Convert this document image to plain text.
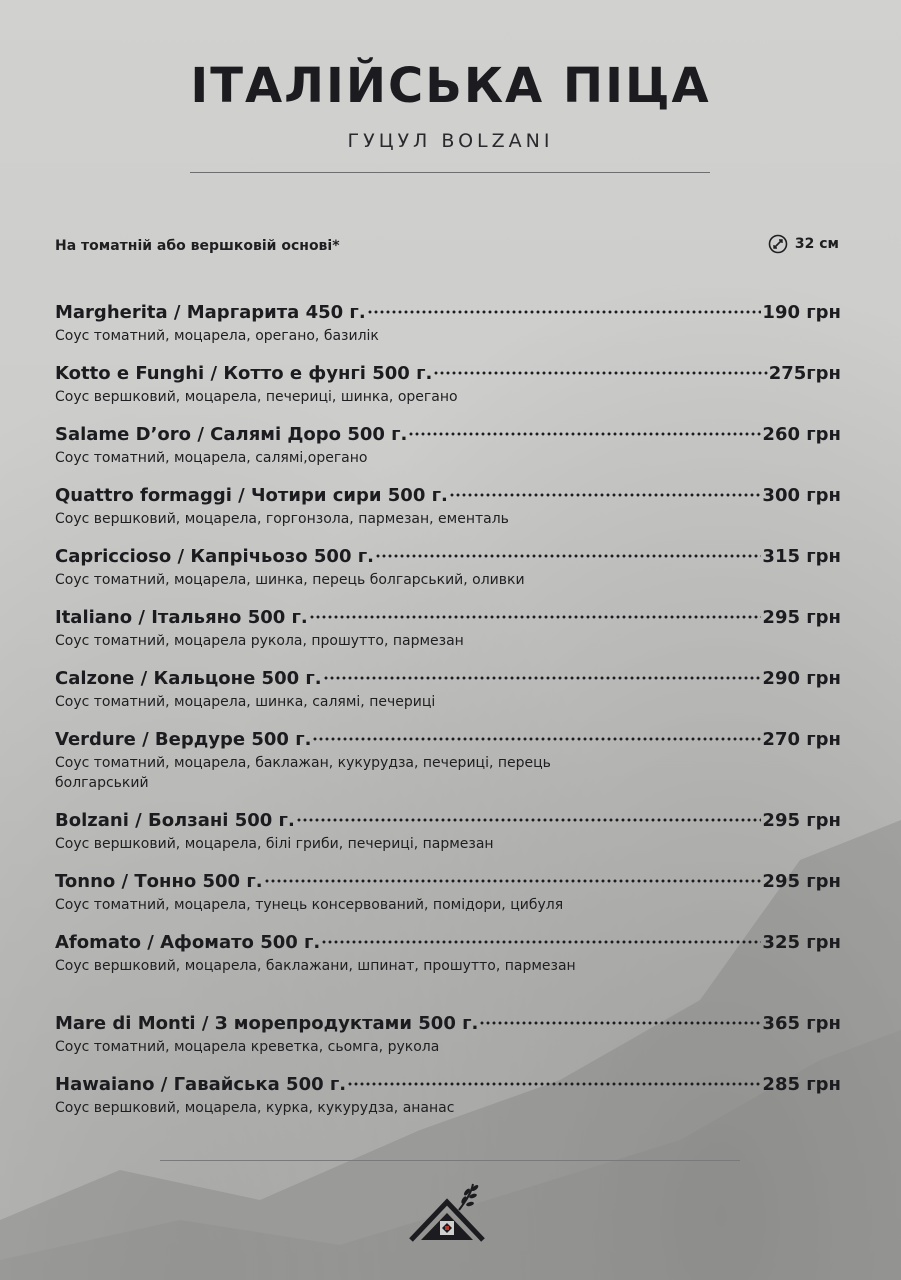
ІТАЛІЙСЬКА ПІЦА
ГУЦУЛ BOLZANI
На томатній або вершковій основі*	32 см
Margherita / Маргарита 450 г.	190 грн
Соус томатний, моцарела, орегано, базилік
Kotto e Funghi / Котто е фунгі 500 г.	275грн
Соус вершковий, моцарела, печериці, шинка, орегано
Salame D’oro / Салямі Доро 500 г.	260 грн
Соус томатний, моцарела, салямі,орегано
Quattro formaggi / Чотири сири 500 г.	300 грн
Соус вершковий, моцарела, горгонзола, пармезан, ементаль
Capriccioso / Капрічьозо 500 г.	315 грн
Соус томатний, моцарела, шинка, перець болгарський, оливки
Italiano / Італьяно 500 г.	295 грн
Соус томатний, моцарела рукола, прошутто, пармезан
Calzone / Кальцоне 500 г.	290 грн
Соус томатний, моцарела, шинка, салямі, печериці
Verdure / Вердуре 500 г.	270 грн
Соус томатний, моцарела, баклажан, кукурудза, печериці, перець болгарський
Bolzani / Болзані 500 г.	295 грн
Соус вершковий, моцарела, білі гриби, печериці, пармезан
Tonno / Тонно 500 г.	295 грн
Соус томатний, моцарела, тунець консервований, помідори, цибуля
Afomato / Афомато 500 г.	325 грн
Соус вершковий, моцарела, баклажани, шпинат, прошутто, пармезан
Mare di Monti / З морепродуктами 500 г.	365 грн
Соус томатний, моцарела креветка, сьомга, рукола
Hawaiano / Гавайська 500 г.	285 грн
Соус вершковий, моцарела, курка, кукурудза, ананас
